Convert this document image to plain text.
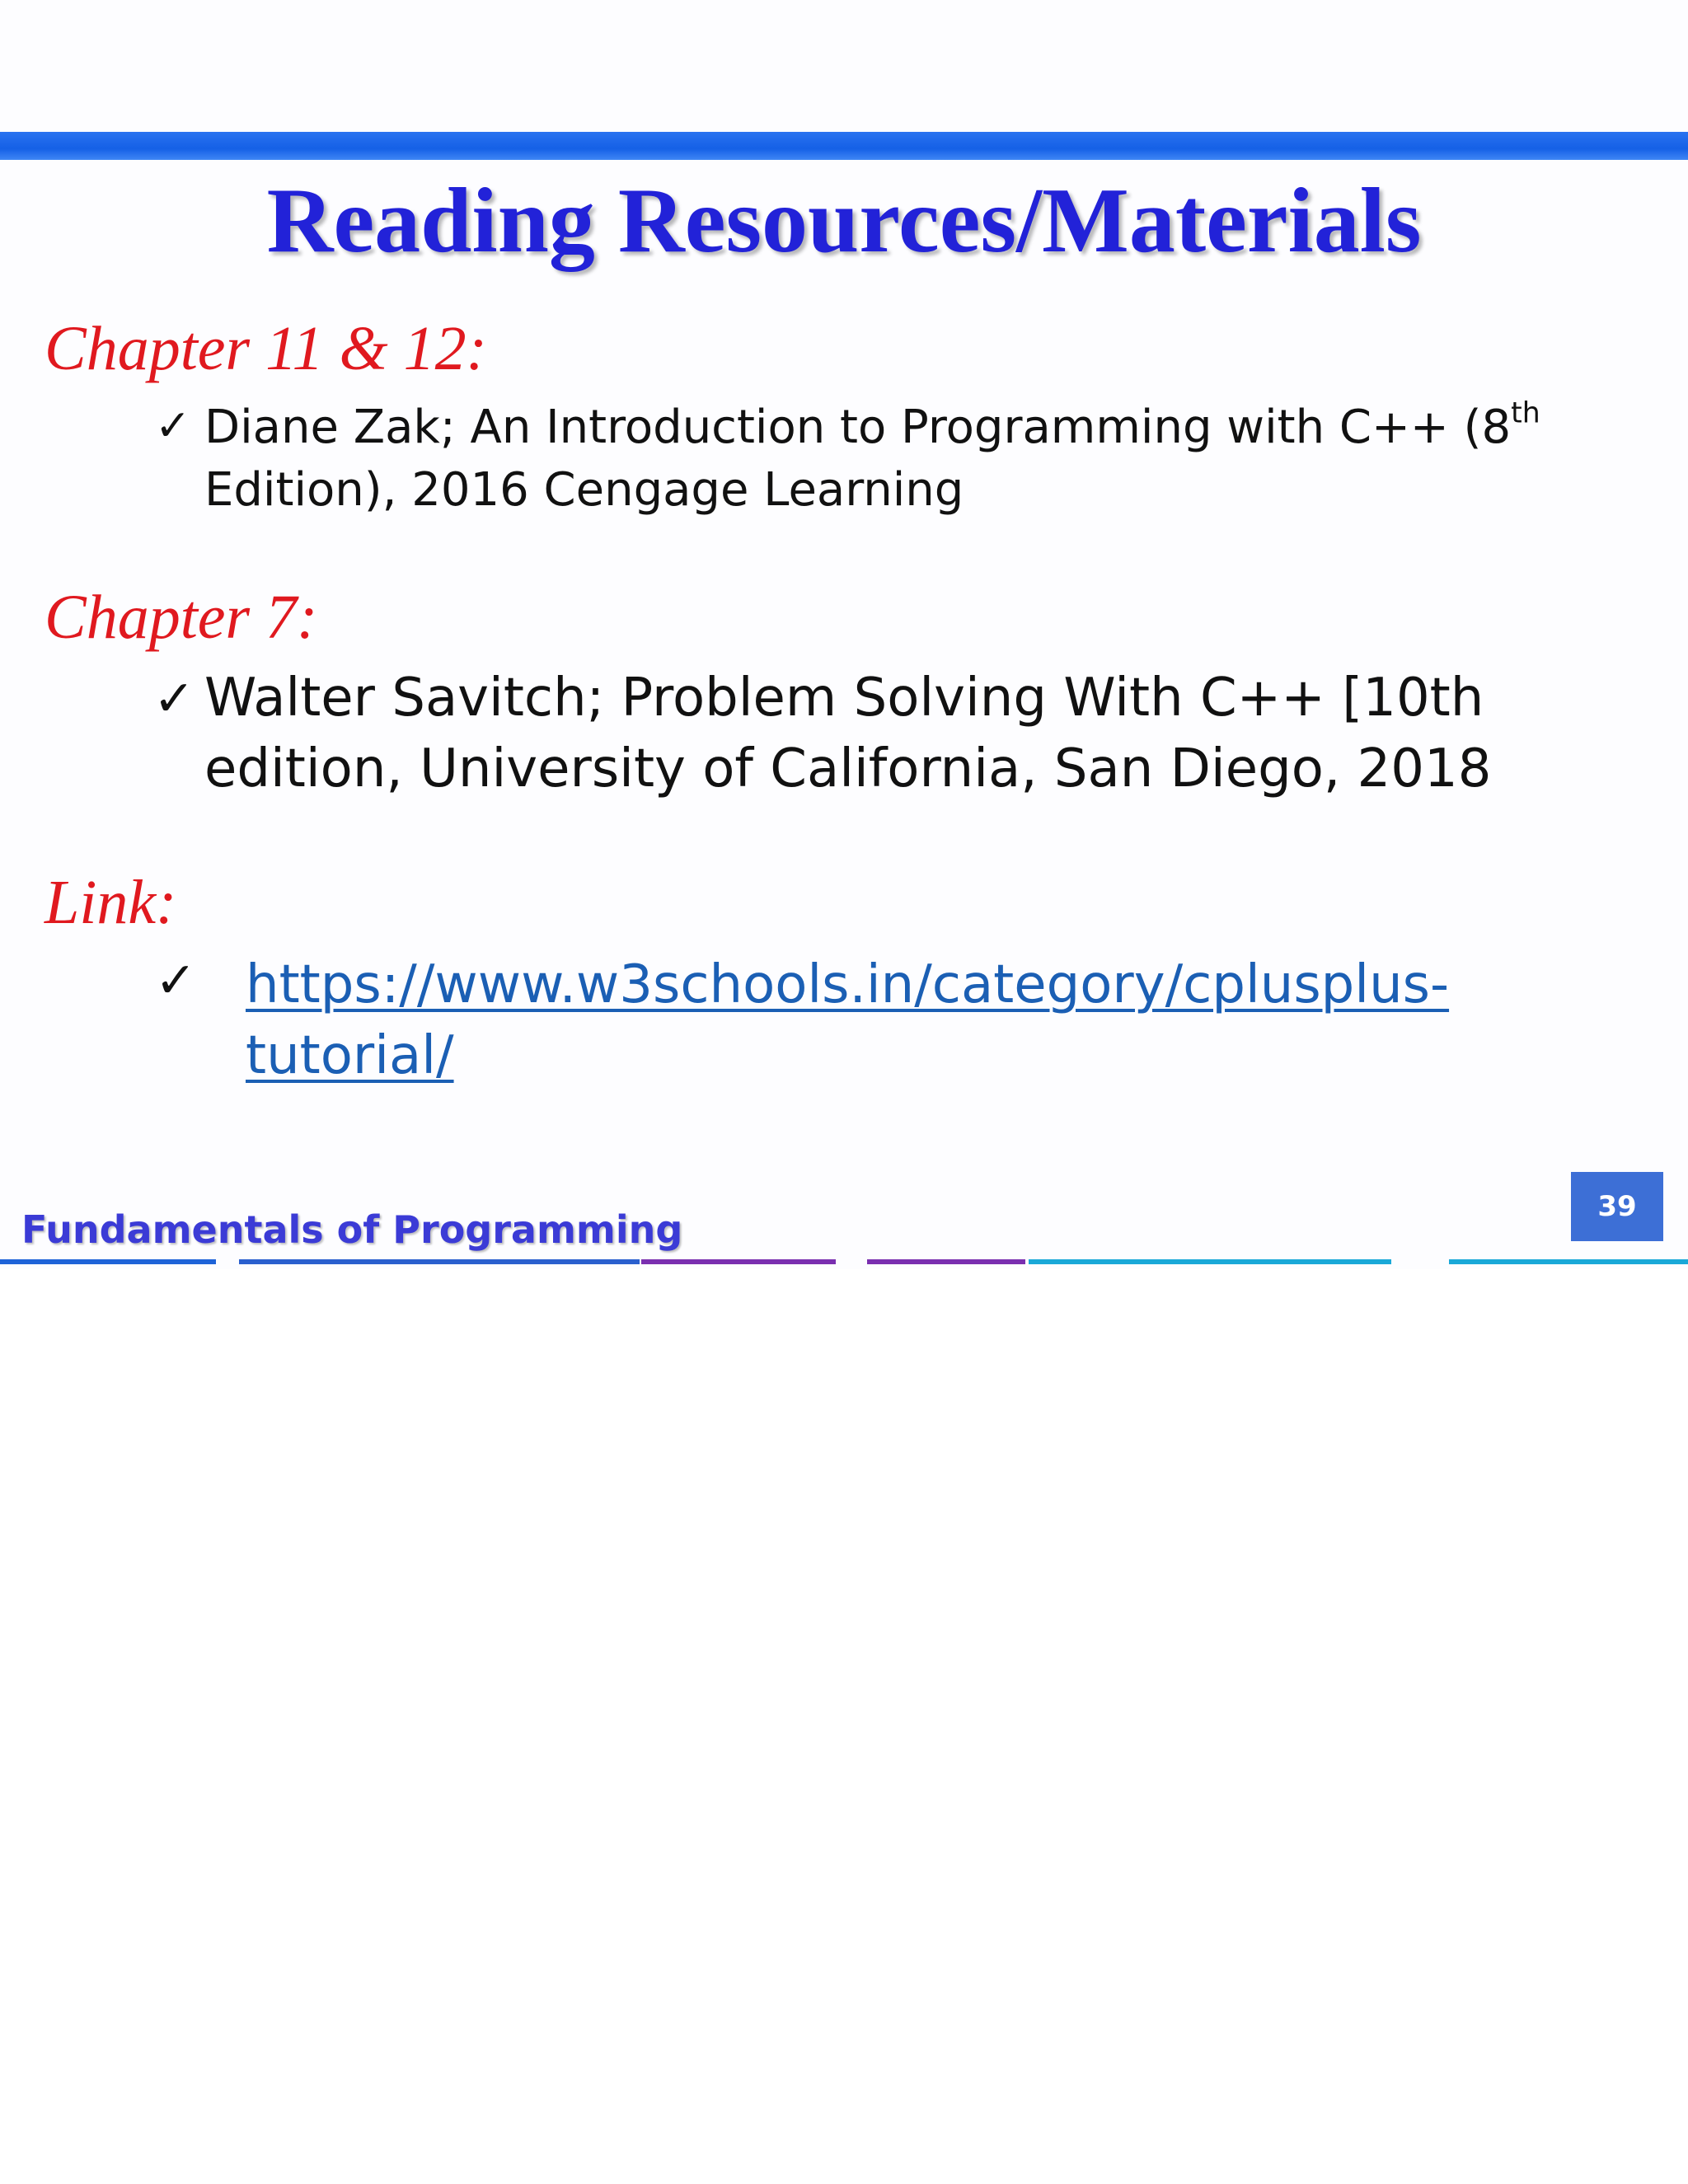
Reading Resources/Materials
Chapter 11 & 12:
✓ Diane Zak; An Introduction to Programming with C++ (8th
Edition), 2016 Cengage Learning
Chapter 7:
✓ Walter Savitch; Problem Solving With C++ [10th
edition, University of California, San Diego, 2018
Link:
✓ https://www.w3schools.in/category/cplusplus-
tutorial/
39
Fundamentals of Programming
